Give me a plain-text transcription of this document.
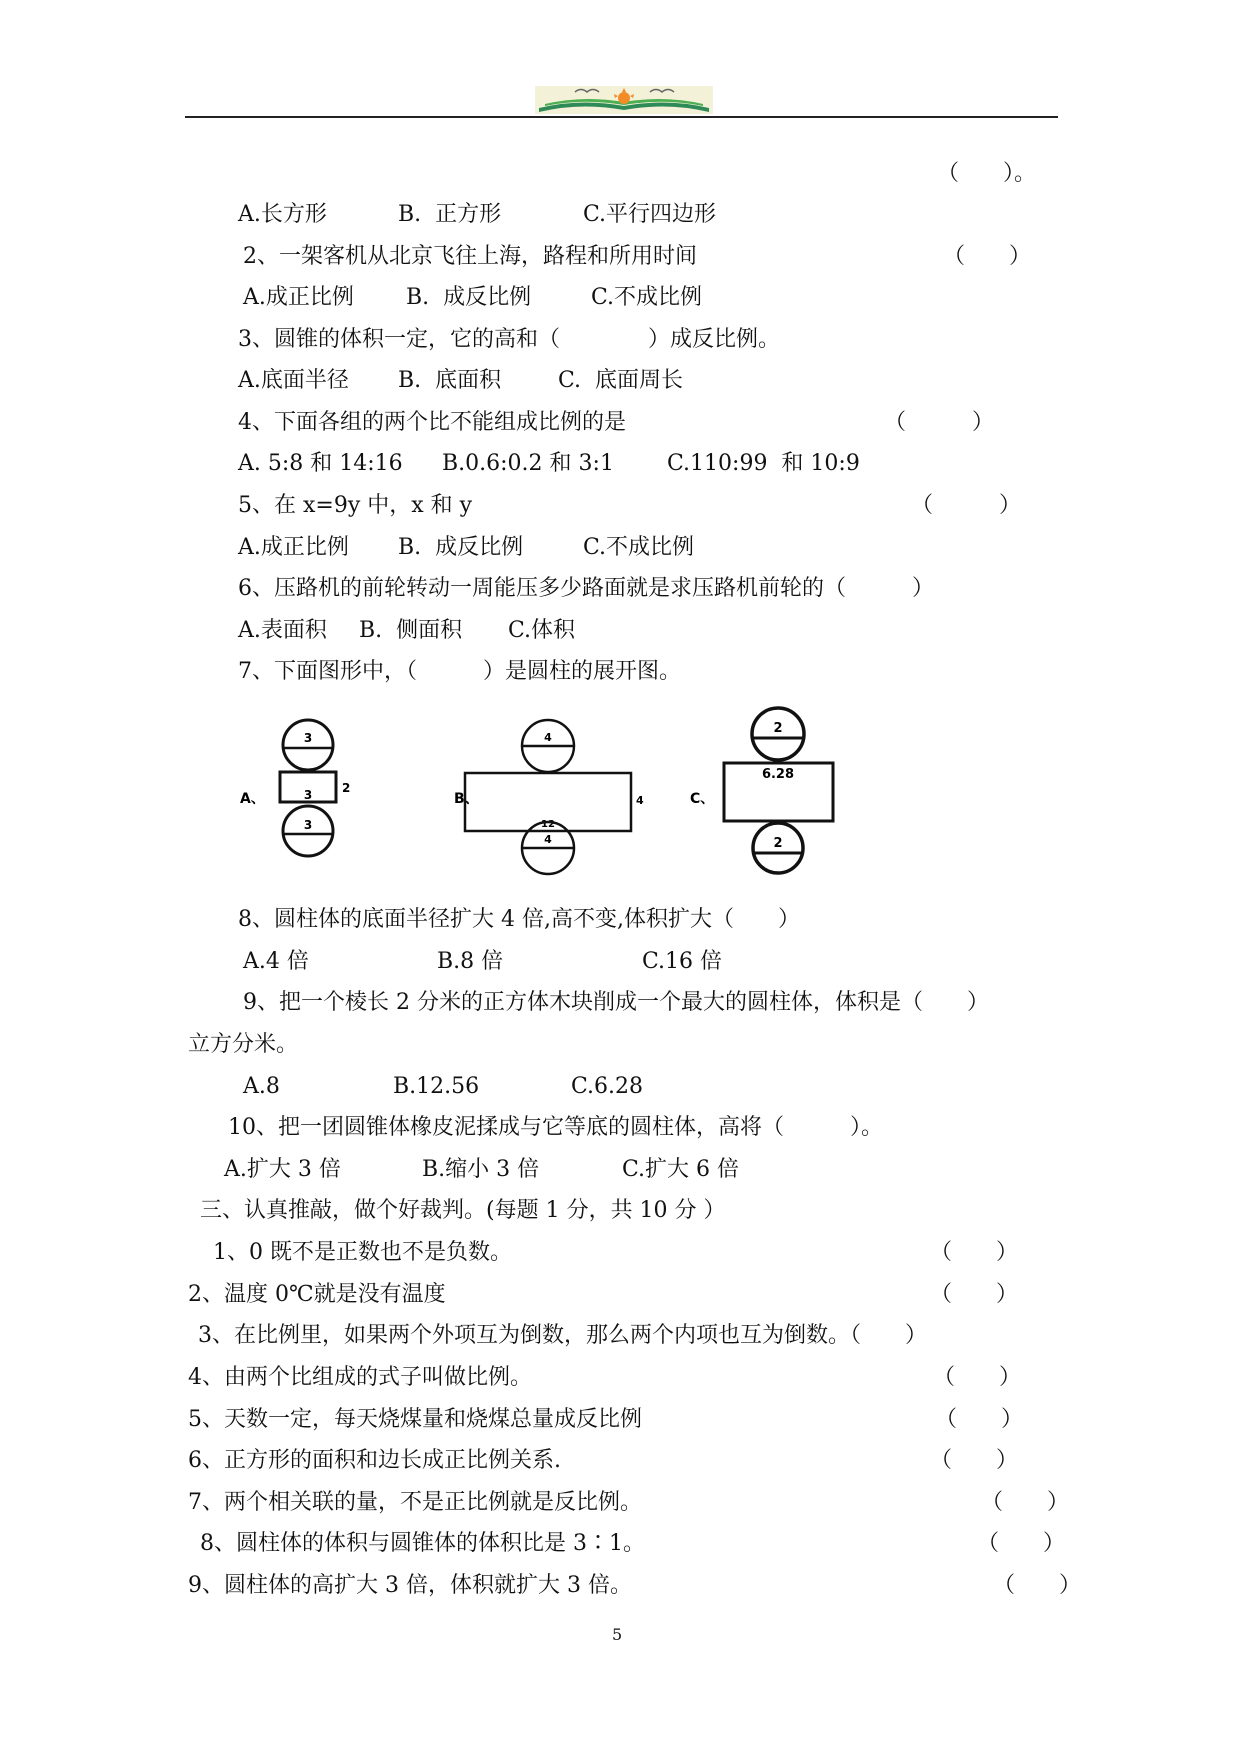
（　　）。
A.长方形	B.  正方形	C.平行四边形
2、一架客机从北京飞往上海，路程和所用时间	（　　）
A.成正比例 B.  成反比例	C.不成比例
3、圆锥的体积一定，它的高和（　　　　）成反比例。
A.底面半径 B.  底面积	C.  底面周长
4、下面各组的两个比不能组成比例的是	（　　　）
A. 5:8 和 14:16 B.0.6:0.2 和 3:1 C.110:99  和 10:9
5、在 x=9y 中，x 和 y	（　　　）
A.成正比例 B.  成反比例	C.不成比例
6、压路机的前轮转动一周能压多少路面就是求压路机前轮的（　　　）
A.表面积 B.  侧面积 C.体积
7、下面图形中，（　　　）是圆柱的展开图。
A、
3
3 2
3
B、
4
12
4
4
C、
2
6.28
2
8、圆柱体的底面半径扩大 4 倍,高不变,体积扩大（　　）
A.4 倍	B.8 倍	C.16 倍
9、把一个棱长 2 分米的正方体木块削成一个最大的圆柱体，体积是（　　）
立方分米。
A.8	B.12.56	C.6.28
10、把一团圆锥体橡皮泥揉成与它等底的圆柱体，高将（　　　）。
A.扩大 3 倍	B.缩小 3 倍	C.扩大 6 倍
三、认真推敲，做个好裁判。(每题 1 分，共 10 分 ）
1、0 既不是正数也不是负数。	（　　）
2、温度 0℃就是没有温度	（　　）
3、在比例里，如果两个外项互为倒数，那么两个内项也互为倒数。（　　）
4、由两个比组成的式子叫做比例。	（　　）
5、天数一定，每天烧煤量和烧煤总量成反比例	（　　）
6、正方形的面积和边长成正比例关系.	（　　）
7、两个相关联的量，不是正比例就是反比例。	（　　）
8、圆柱体的体积与圆锥体的体积比是 3∶1。	（　　）
9、圆柱体的高扩大 3 倍，体积就扩大 3 倍。	（　　）
5
